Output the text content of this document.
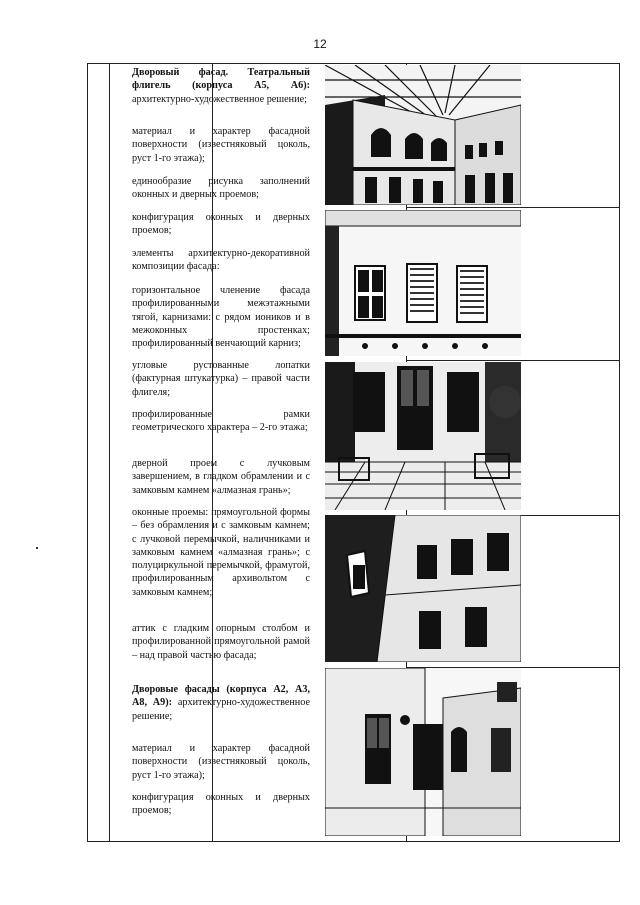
12
Дворовый фасад. Театральный флигель (корпуса А5, А6): архитектурно-художественное решение;
материал и характер фасадной поверхности (известняковый цоколь, руст 1-го этажа);
единообразие рисунка заполнений оконных и дверных проемов;
конфигурация оконных и дверных проемов;
элементы архитектурно-декоративной композиции фасада:
горизонтальное членение фасада профилированными межэтажными тягой, карнизами: с рядом иоников и в межоконных простенках; профилированный венчающий карниз;
угловые рустованные лопатки (фактурная штукатурка) – правой части флигеля;
профилированные рамки геометрического характера – 2-го этажа;
дверной проем с лучковым завершением, в гладком обрамлении и с замковым камнем «алмазная грань»;
оконные проемы: прямоугольной формы – без обрамления и с замковым камнем; с лучковой перемычкой, наличниками и замковым камнем «алмазная грань»; с полуциркульной перемычкой, фрамугой, профилированным архивольтом с замковым камнем;
аттик с гладким опорным столбом и профилированной прямоугольной рамой – над правой частью фасада;
Дворовые фасады (корпуса А2, А3, А8, А9): архитектурно-художественное решение;
материал и характер фасадной поверхности (известняковый цоколь, руст 1-го этажа);
конфигурация оконных и дверных проемов;
